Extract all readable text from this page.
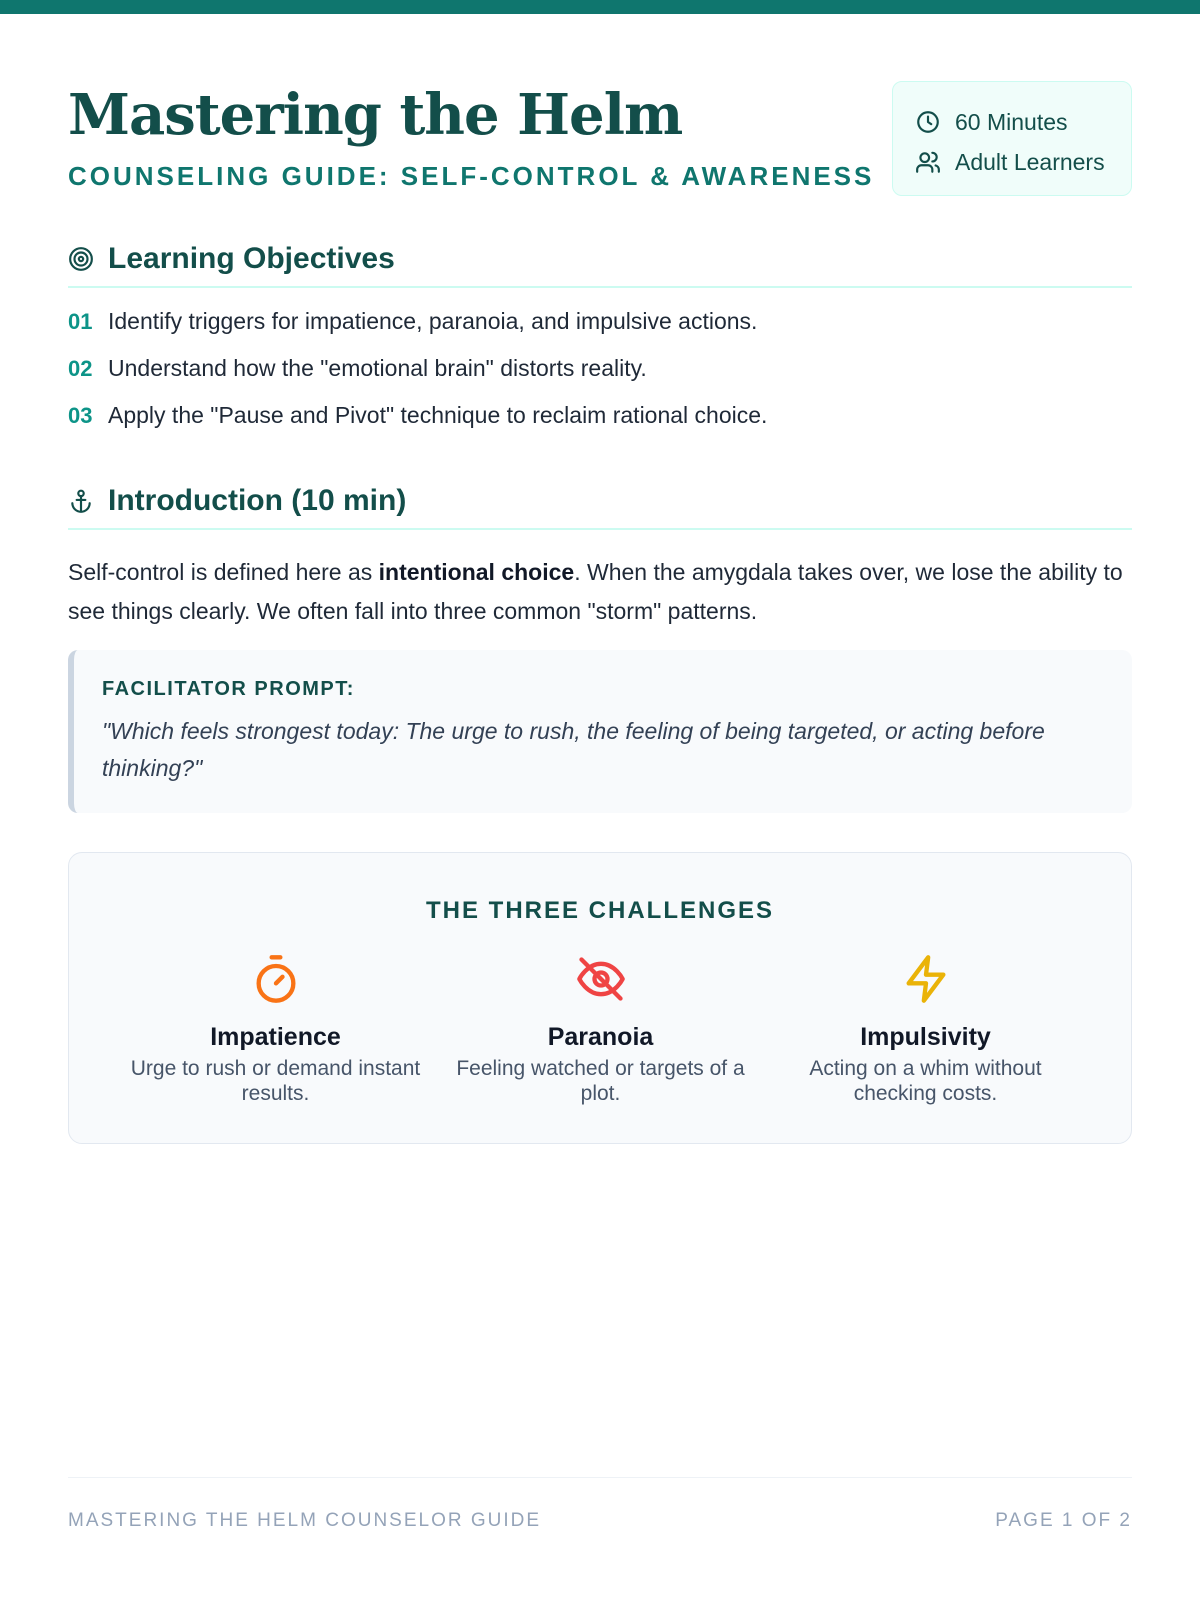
Mastering the Helm
COUNSELING GUIDE: SELF-CONTROL & AWARENESS
60 Minutes
Adult Learners
Learning Objectives
01 Identify triggers for impatience, paranoia, and impulsive actions.
02 Understand how the "emotional brain" distorts reality.
03 Apply the "Pause and Pivot" technique to reclaim rational choice.
Introduction (10 min)

Self-control is defined here as intentional choice. When the amygdala takes over, we lose the ability to see things clearly. We often fall into three common "storm" patterns.

FACILITATOR PROMPT:
"Which feels strongest today: The urge to rush, the feeling of being targeted, or acting before thinking?"
THE THREE CHALLENGES
Impatience
Urge to rush or demand instant results.
Paranoia
Feeling watched or targets of a plot.
Impulsivity
Acting on a whim without checking costs.
MASTERING THE HELM COUNSELOR GUIDE	PAGE 1 OF 2
